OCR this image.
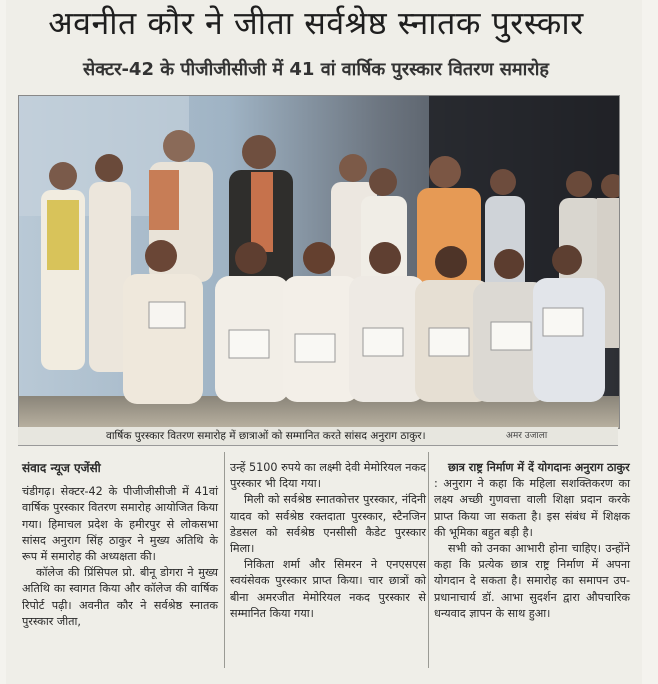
अवनीत कौर ने जीता सर्वश्रेष्ठ स्नातक पुरस्कार
सेक्टर-42 के पीजीजीसीजी में 41 वां वार्षिक पुरस्कार वितरण समारोह
वार्षिक पुरस्कार वितरण समारोह में छात्राओं को सम्मानित करते सांसद अनुराग ठाकुर।	अमर उजाला
संवाद न्यूज एजेंसी

चंडीगढ़। सेक्टर-42 के पीजीजीसीजी में 41वां वार्षिक पुरस्कार वितरण समारोह आयोजित किया गया। हिमाचल प्रदेश के हमीरपुर से लोकसभा सांसद अनुराग सिंह ठाकुर ने मुख्य अतिथि के रूप में समारोह की अध्यक्षता की।

कॉलेज की प्रिंसिपल प्रो. बीनू डोगरा ने मुख्य अतिथि का स्वागत किया और कॉलेज की वार्षिक रिपोर्ट पढ़ी। अवनीत कौर ने सर्वश्रेष्ठ स्नातक पुरस्कार जीता,

उन्हें 5100 रुपये का लक्ष्मी देवी मेमोरियल नकद पुरस्कार भी दिया गया।

मिली को सर्वश्रेष्ठ स्नातकोत्तर पुरस्कार, नंदिनी यादव को सर्वश्रेष्ठ रक्तदाता पुरस्कार, स्टैनजिन डेडसल को सर्वश्रेष्ठ एनसीसी कैडेट पुरस्कार मिला।

निकिता शर्मा और सिमरन ने एनएसएस स्वयंसेवक पुरस्कार प्राप्त किया। चार छात्रों को बीना अमरजीत मेमोरियल नकद पुरस्कार से सम्मानित किया गया।

छात्र राष्ट्र निर्माण में दें योगदानः अनुराग ठाकुर

: अनुराग ने कहा कि महिला सशक्तिकरण का लक्ष्य अच्छी गुणवत्ता वाली शिक्षा प्रदान करके प्राप्त किया जा सकता है। इस संबंध में शिक्षक की भूमिका बहुत बड़ी है।

सभी को उनका आभारी होना चाहिए। उन्होंने कहा कि प्रत्येक छात्र राष्ट्र निर्माण में अपना योगदान दे सकता है। समारोह का समापन उप-प्रधानाचार्य डॉ. आभा सुदर्शन द्वारा औपचारिक धन्यवाद ज्ञापन के साथ हुआ।
